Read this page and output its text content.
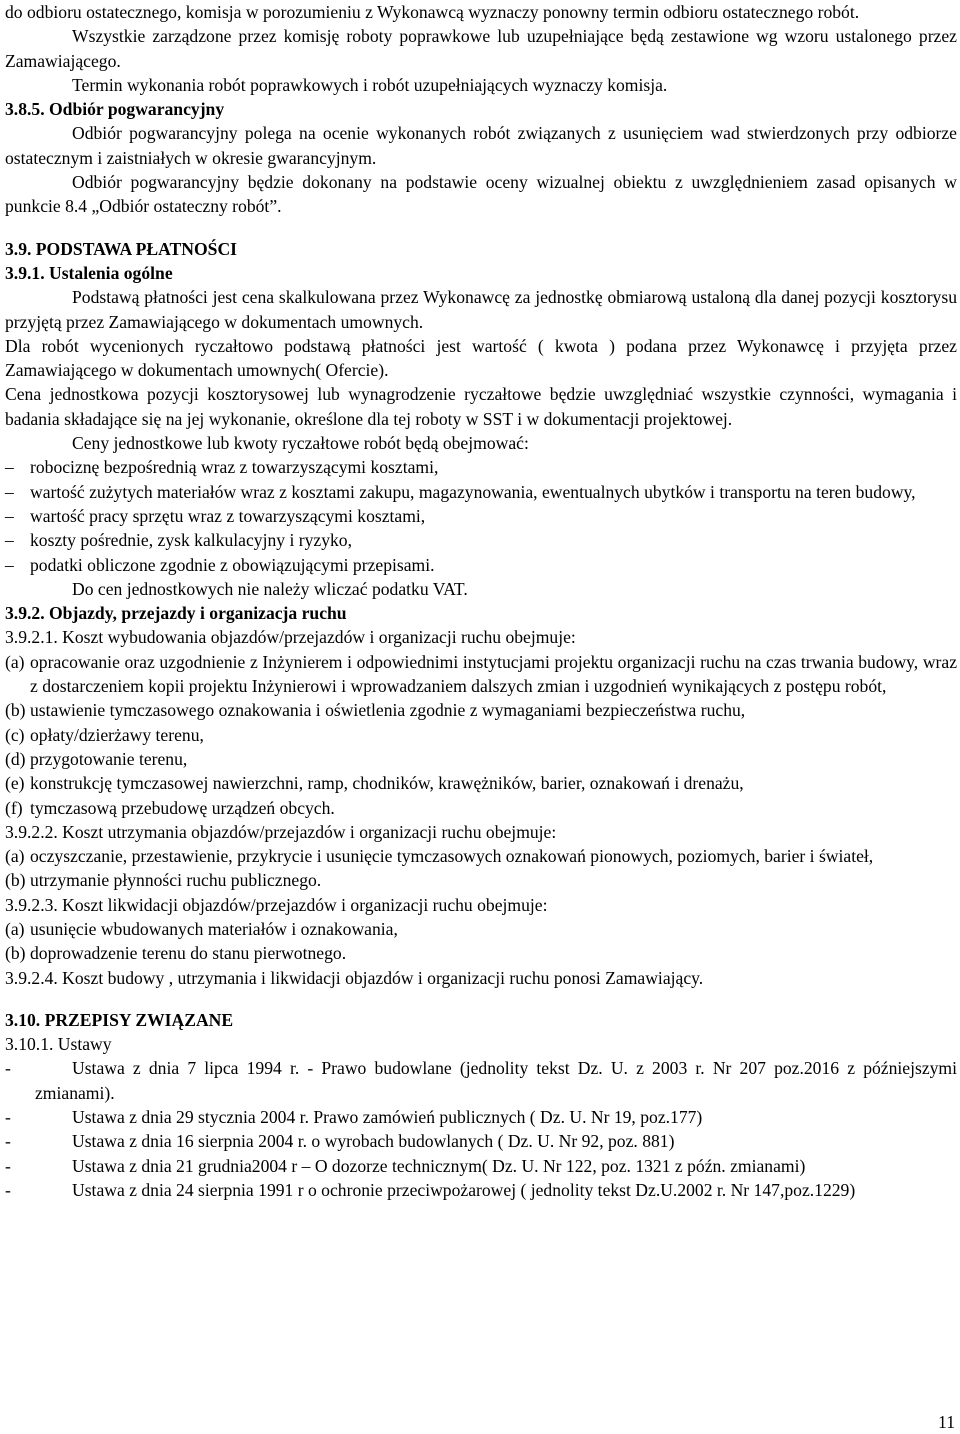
do odbioru ostatecznego, komisja w porozumieniu z Wykonawcą wyznaczy ponowny termin odbioru ostatecznego robót.

Wszystkie zarządzone przez komisję roboty poprawkowe lub uzupełniające będą zestawione wg wzoru ustalonego przez Zamawiającego.

Termin wykonania robót poprawkowych i robót uzupełniających wyznaczy komisja.

3.8.5. Odbiór pogwarancyjny

Odbiór pogwarancyjny polega na ocenie wykonanych robót związanych z usunięciem wad stwierdzonych przy odbiorze ostatecznym i zaistniałych w okresie gwarancyjnym.

Odbiór pogwarancyjny będzie dokonany na podstawie oceny wizualnej obiektu z uwzględnieniem zasad opisanych w punkcie 8.4 „Odbiór ostateczny robót”.

3.9. PODSTAWA PŁATNOŚCI

3.9.1. Ustalenia ogólne

Podstawą płatności jest cena skalkulowana przez Wykonawcę za jednostkę obmiarową ustaloną dla danej pozycji kosztorysu przyjętą przez Zamawiającego w dokumentach umownych.

Dla robót wycenionych ryczałtowo podstawą płatności jest wartość ( kwota ) podana przez Wykonawcę i przyjęta przez Zamawiającego w dokumentach umownych( Ofercie).

Cena jednostkowa pozycji kosztorysowej lub wynagrodzenie ryczałtowe będzie uwzględniać wszystkie czynności, wymagania i badania składające się na jej wykonanie, określone dla tej roboty w SST i w dokumentacji projektowej.

Ceny jednostkowe lub kwoty ryczałtowe robót będą obejmować:

– robociznę bezpośrednią wraz z towarzyszącymi kosztami,
– wartość zużytych materiałów wraz z kosztami zakupu, magazynowania, ewentualnych ubytków i transportu na teren budowy,
– wartość pracy sprzętu wraz z towarzyszącymi kosztami,
– koszty pośrednie, zysk kalkulacyjny i ryzyko,
– podatki obliczone zgodnie z obowiązującymi przepisami.

Do cen jednostkowych nie należy wliczać podatku VAT.

3.9.2. Objazdy, przejazdy i organizacja ruchu

3.9.2.1. Koszt wybudowania objazdów/przejazdów i organizacji ruchu obejmuje:

(a) opracowanie oraz uzgodnienie z Inżynierem i odpowiednimi instytucjami projektu organizacji ruchu na czas trwania budowy, wraz z dostarczeniem kopii projektu Inżynierowi i wprowadzaniem dalszych zmian i uzgodnień wynikających z postępu robót,
(b) ustawienie tymczasowego oznakowania i oświetlenia zgodnie z wymaganiami bezpieczeństwa ruchu,
(c) opłaty/dzierżawy terenu,
(d) przygotowanie terenu,
(e) konstrukcję tymczasowej nawierzchni, ramp, chodników, krawężników, barier, oznakowań i drenażu,
(f) tymczasową przebudowę urządzeń obcych.

3.9.2.2. Koszt utrzymania objazdów/przejazdów i organizacji ruchu obejmuje:

(a) oczyszczanie, przestawienie, przykrycie i usunięcie tymczasowych oznakowań pionowych, poziomych, barier i świateł,
(b) utrzymanie płynności ruchu publicznego.

3.9.2.3. Koszt likwidacji objazdów/przejazdów i organizacji ruchu obejmuje:

(a) usunięcie wbudowanych materiałów i oznakowania,
(b) doprowadzenie terenu do stanu pierwotnego.

3.9.2.4. Koszt budowy , utrzymania i likwidacji objazdów i organizacji ruchu ponosi Zamawiający.

3.10. PRZEPISY ZWIĄZANE

3.10.1. Ustawy

-	Ustawa z dnia 7 lipca 1994 r. - Prawo budowlane (jednolity tekst Dz. U. z 2003 r. Nr 207 poz.2016 z późniejszymi zmianami).
-	Ustawa z dnia 29 stycznia 2004 r. Prawo zamówień publicznych ( Dz. U. Nr 19, poz.177)
-	Ustawa z dnia 16 sierpnia 2004 r. o wyrobach budowlanych ( Dz. U. Nr 92, poz. 881)
-	Ustawa z dnia 21 grudnia2004 r – O dozorze technicznym( Dz. U. Nr 122, poz. 1321 z późn. zmianami)
-	Ustawa z dnia 24 sierpnia 1991 r o ochronie przeciwpożarowej ( jednolity tekst Dz.U.2002 r. Nr 147,poz.1229)
11
